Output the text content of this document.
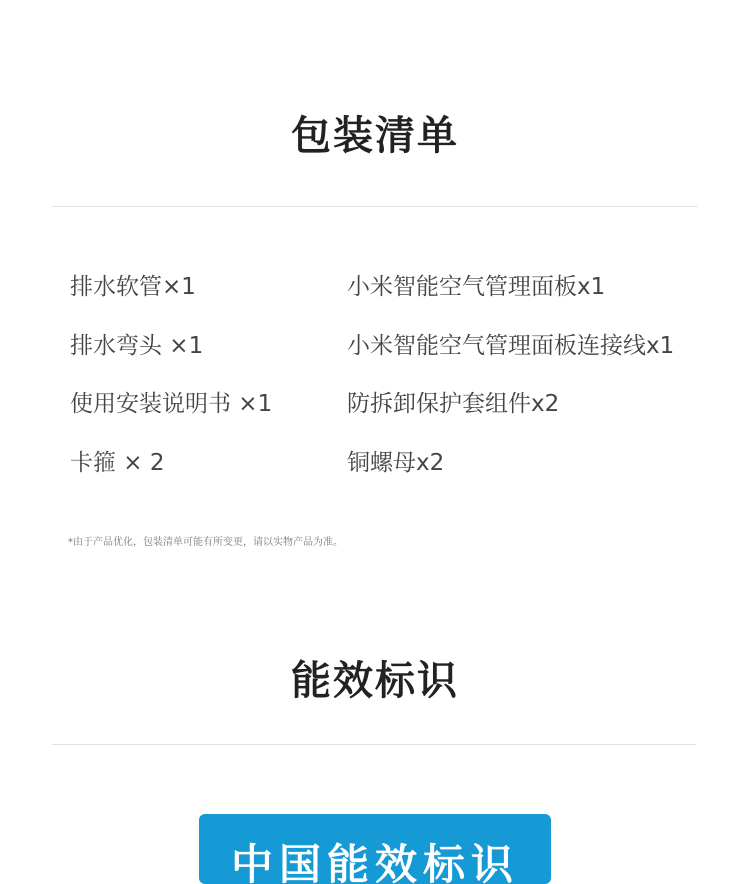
包装清单
排水软管×1
排水弯头 ×1
使用安装说明书 ×1
卡箍 × 2
小米智能空气管理面板x1
小米智能空气管理面板连接线x1
防拆卸保护套组件x2
铜螺母x2
*由于产品优化，包装清单可能有所变更，请以实物产品为准。
能效标识
中国能效标识
